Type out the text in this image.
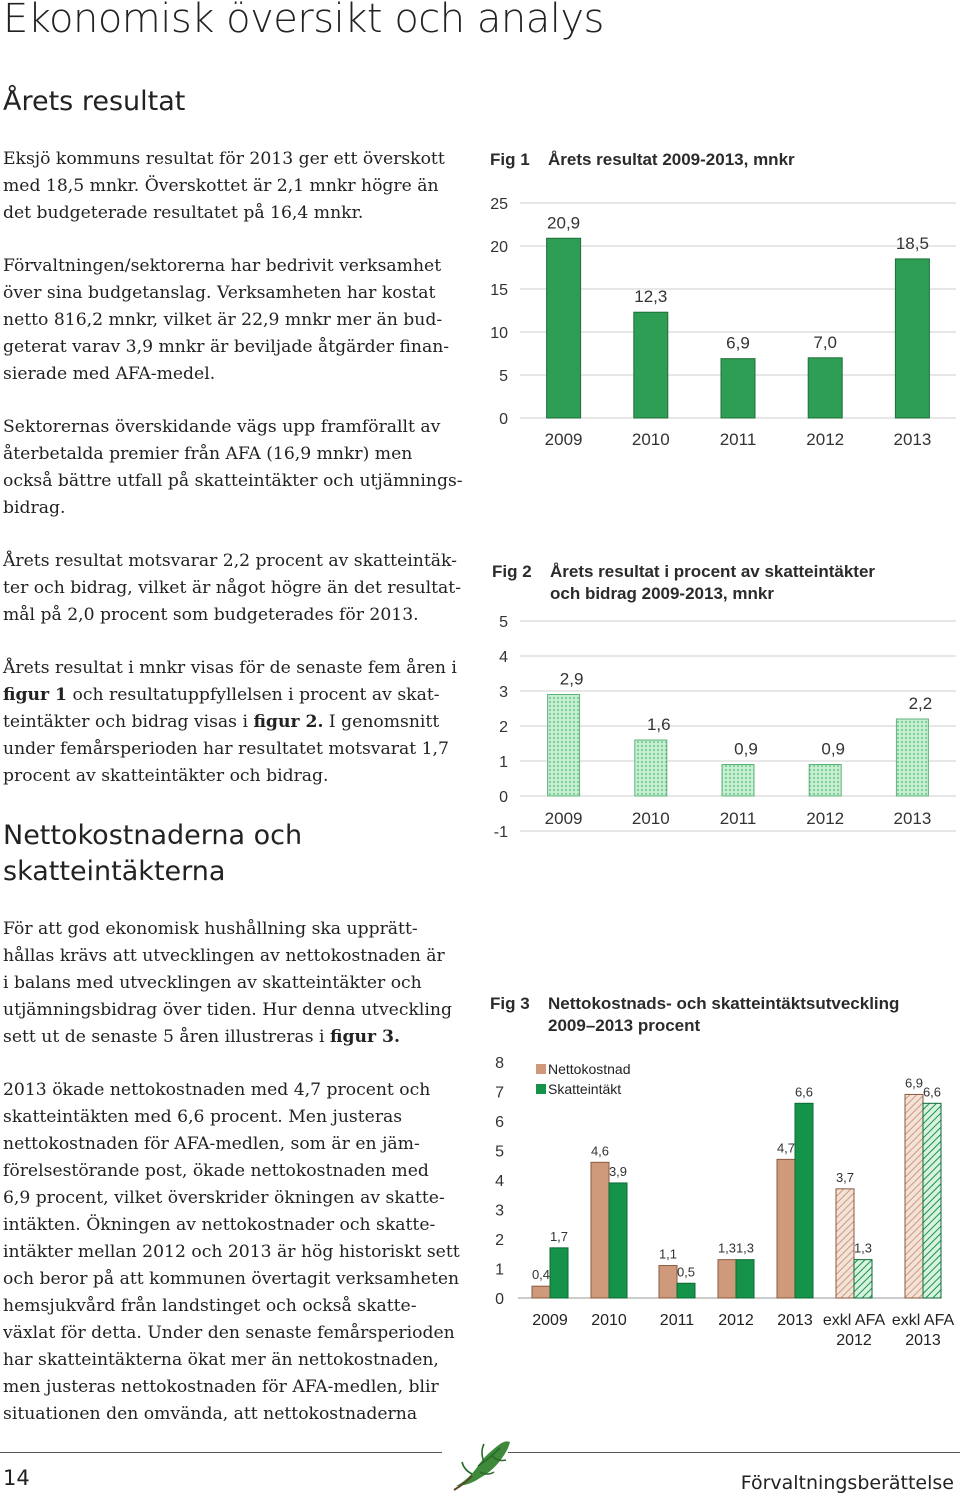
Ekonomisk översikt och analys
Årets resultat
Eksjö kommuns resultat för 2013 ger ett överskott
med 18,5 mnkr. Överskottet är 2,1 mnkr högre än
det budgeterade resultatet på 16,4 mnkr.
Förvaltningen/sektorerna har bedrivit verksamhet
över sina budgetanslag. Verksamheten har kostat
netto 816,2 mnkr, vilket är 22,9 mnkr mer än bud-
geterat varav 3,9 mnkr är beviljade åtgärder finan-
sierade med AFA-medel.
Sektorernas överskidande vägs upp framförallt av
återbetalda premier från AFA (16,9 mnkr) men
också bättre utfall på skatteintäkter och utjämnings-
bidrag.
Årets resultat motsvarar 2,2 procent av skatteintäk-
ter och bidrag, vilket är något högre än det resultat-
mål på 2,0 procent som budgeterades för 2013.
Årets resultat i mnkr visas för de senaste fem åren i
figur 1 och resultatuppfyllelsen i procent av skat-
teintäkter och bidrag visas i figur 2. I genomsnitt
under femårsperioden har resultatet motsvarat 1,7
procent av skatteintäkter och bidrag.
Nettokostnaderna och
skatteintäkterna
För att god ekonomisk hushållning ska upprätt-
hållas krävs att utvecklingen av nettokostnaden är
i balans med utvecklingen av skatteintäkter och
utjämningsbidrag över tiden. Hur denna utveckling
sett ut de senaste 5 åren illustreras i figur 3.
2013 ökade nettokostnaden med 4,7 procent och
skatteintäkten med 6,6 procent. Men justeras
nettokostnaden för AFA-medlen, som är en jäm-
förelsestörande post, ökade nettokostnaden med
6,9 procent, vilket överskrider ökningen av skatte-
intäkten. Ökningen av nettokostnader och skatte-
intäkter mellan 2012 och 2013 är hög historiskt sett
och beror på att kommunen övertagit verksamheten
hemsjukvård från landstinget och också skatte-
växlat för detta. Under den senaste femårsperioden
har skatteintäkterna ökat mer än nettokostnaden,
men justeras nettokostnaden för AFA-medlen, blir
situationen den omvända, att nettokostnaderna
Fig 1 Årets resultat 2009-2013, mnkr
Fig 2 Årets resultat i procent av skatteintäkter
och bidrag 2009-2013, mnkr
Fig 3 Nettokostnads- och skatteintäktsutveckling
2009–2013 procent
0
5
10
15
20
25
20,9
2009
12,3
2010
6,9
2011
7,0
2012
18,5
2013
-1
0
1
2
3
4
5
2,9
2009
1,6
2010
0,9
2011
0,9
2012
2,2
2013
0
1
2
3
4
5
6
7
8
0,4
1,7
2009
4,6
3,9
2010
1,1
0,5
2011
1,3 1,3
2012
4,7
6,6
2013
3,7
1,3
exkl AFA
2012
6,9
6,6
exkl AFA
2013
Nettokostnad
Skatteintäkt
14	Förvaltningsberättelse
